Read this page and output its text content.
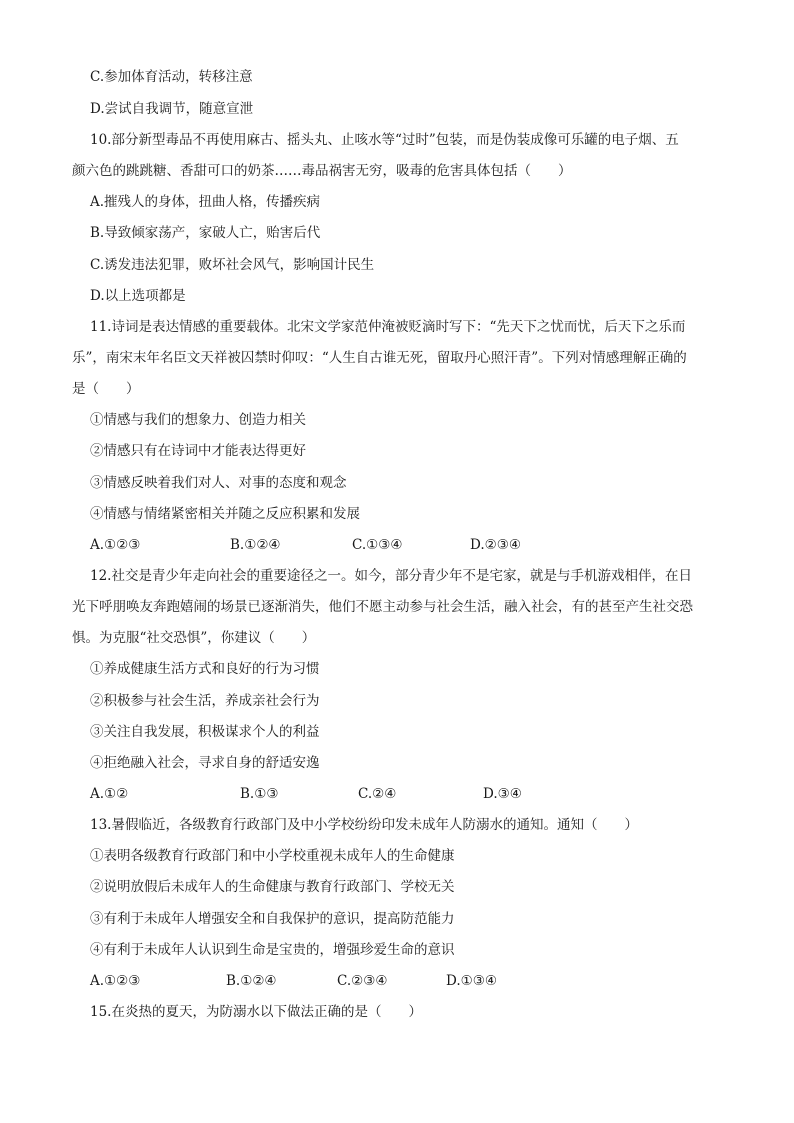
C.参加体育活动，转移注意
D.尝试自我调节，随意宣泄
10.部分新型毒品不再使用麻古、摇头丸、止咳水等“过时”包装，而是伪装成像可乐罐的电子烟、五
颜六色的跳跳糖、香甜可口的奶茶……毒品祸害无穷，吸毒的危害具体包括（　　）
A.摧残人的身体，扭曲人格，传播疾病
B.导致倾家荡产，家破人亡，贻害后代
C.诱发违法犯罪，败坏社会风气，影响国计民生
D.以上选项都是
11.诗词是表达情感的重要载体。北宋文学家范仲淹被贬滴时写下：“先天下之忧而忧，后天下之乐而
乐”，南宋末年名臣文天祥被囚禁时仰叹：“人生自古谁无死，留取丹心照汗青”。下列对情感理解正确的
是（　　）
①情感与我们的想象力、创造力相关
②情感只有在诗词中才能表达得更好
③情感反映着我们对人、对事的态度和观念
④情感与情绪紧密相关并随之反应积累和发展
A.①②③	B.①②④	C.①③④	D.②③④
12.社交是青少年走向社会的重要途径之一。如今，部分青少年不是宅家，就是与手机游戏相伴，在日
光下呼朋唤友奔跑嬉闹的场景已逐渐消失，他们不愿主动参与社会生活，融入社会，有的甚至产生社交恐
惧。为克服“社交恐惧”，你建议（　　）
①养成健康生活方式和良好的行为习惯
②积极参与社会生活，养成亲社会行为
③关注自我发展，积极谋求个人的利益
④拒绝融入社会，寻求自身的舒适安逸
A.①②	B.①③	C.②④	D.③④
13.暑假临近，各级教育行政部门及中小学校纷纷印发未成年人防溺水的通知。通知（　　）
①表明各级教育行政部门和中小学校重视未成年人的生命健康
②说明放假后未成年人的生命健康与教育行政部门、学校无关
③有利于未成年人增强安全和自我保护的意识，提高防范能力
④有利于未成年人认识到生命是宝贵的，增强珍爱生命的意识
A.①②③	B.①②④	C.②③④	D.①③④
15.在炎热的夏天，为防溺水以下做法正确的是（　　）
